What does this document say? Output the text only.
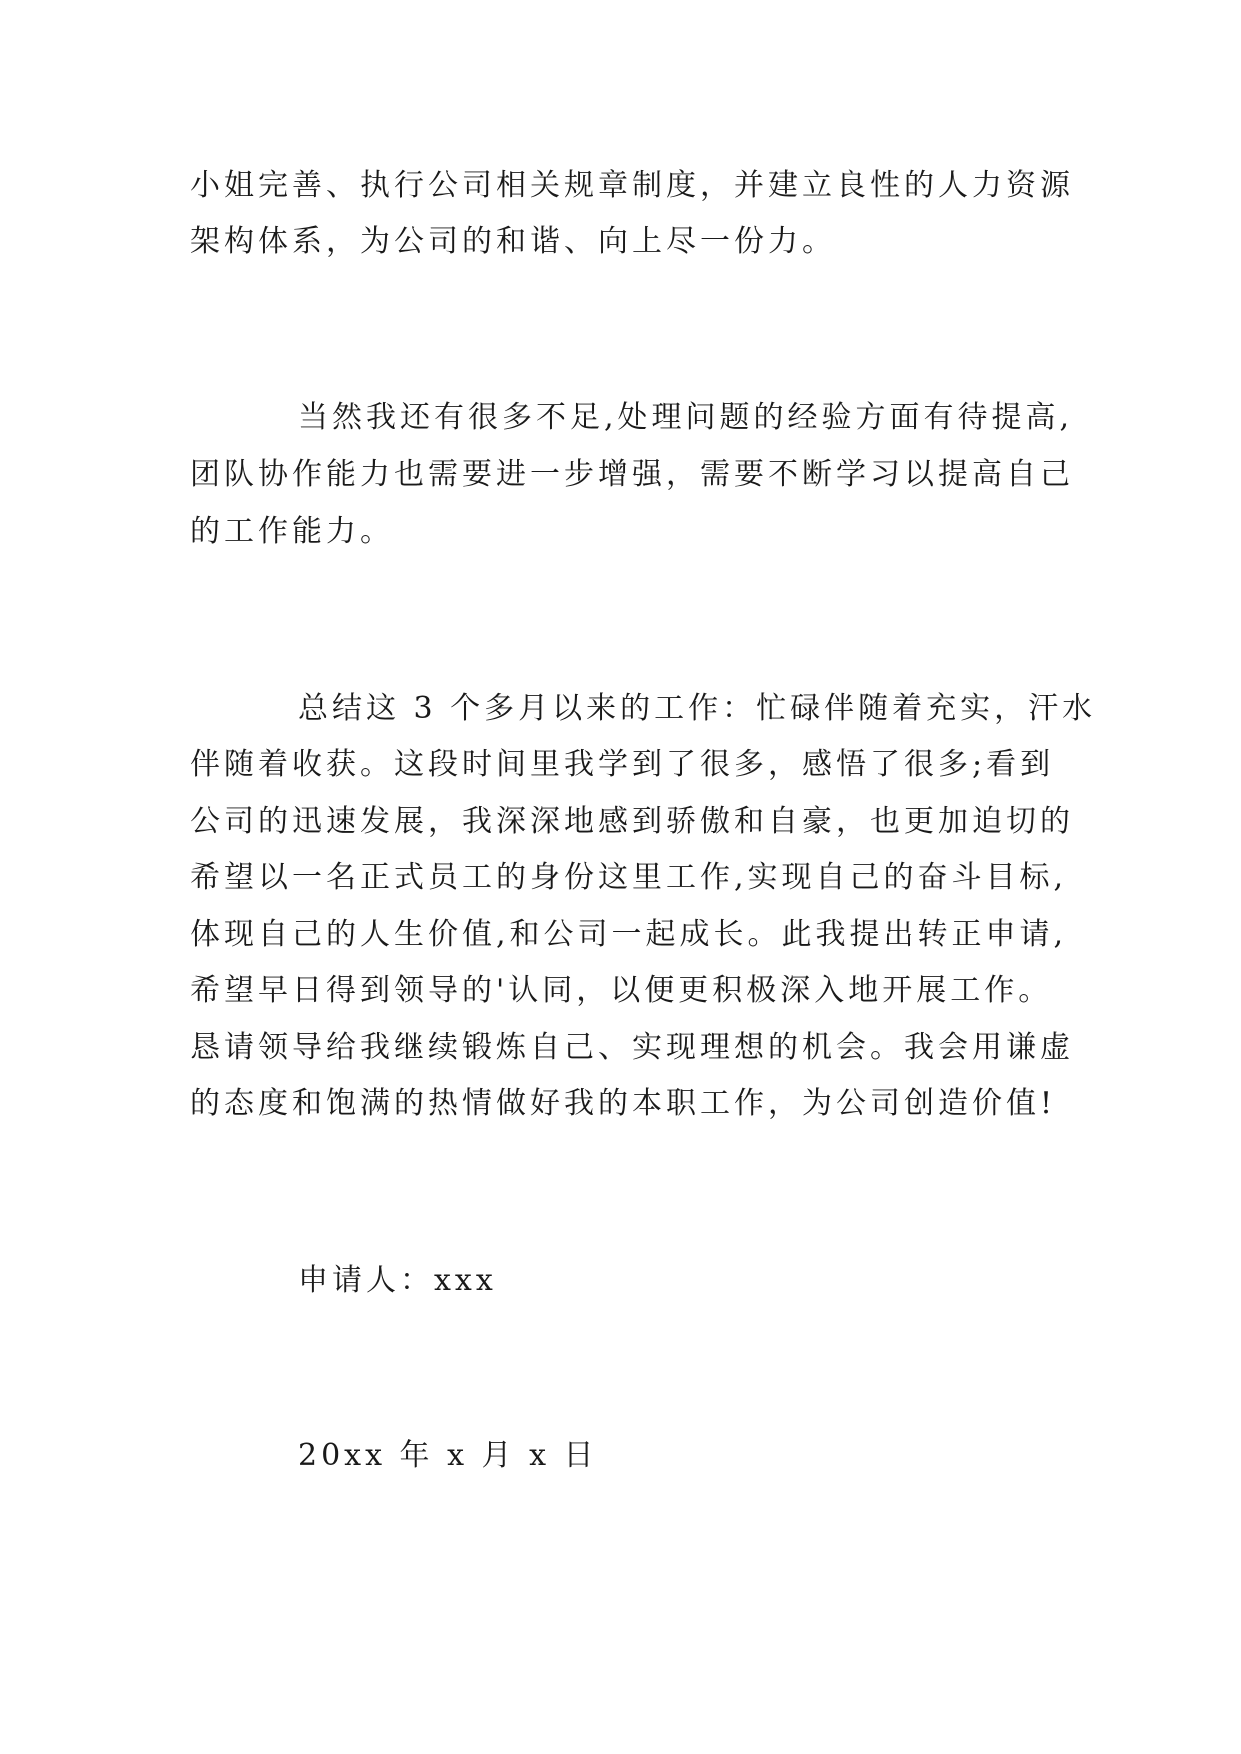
小姐完善、执行公司相关规章制度，并建立良性的人力资源

架构体系，为公司的和谐、向上尽一份力。

当然我还有很多不足,处理问题的经验方面有待提高,

团队协作能力也需要进一步增强，需要不断学习以提高自己

的工作能力。

总结这 3 个多月以来的工作：忙碌伴随着充实，汗水

伴随着收获。这段时间里我学到了很多，感悟了很多;看到

公司的迅速发展，我深深地感到骄傲和自豪，也更加迫切的

希望以一名正式员工的身份这里工作,实现自己的奋斗目标,

体现自己的人生价值,和公司一起成长。此我提出转正申请,

希望早日得到领导的'认同，以便更积极深入地开展工作。

恳请领导给我继续锻炼自己、实现理想的机会。我会用谦虚

的态度和饱满的热情做好我的本职工作，为公司创造价值!

申请人：xxx

20xx 年 x 月 x 日
